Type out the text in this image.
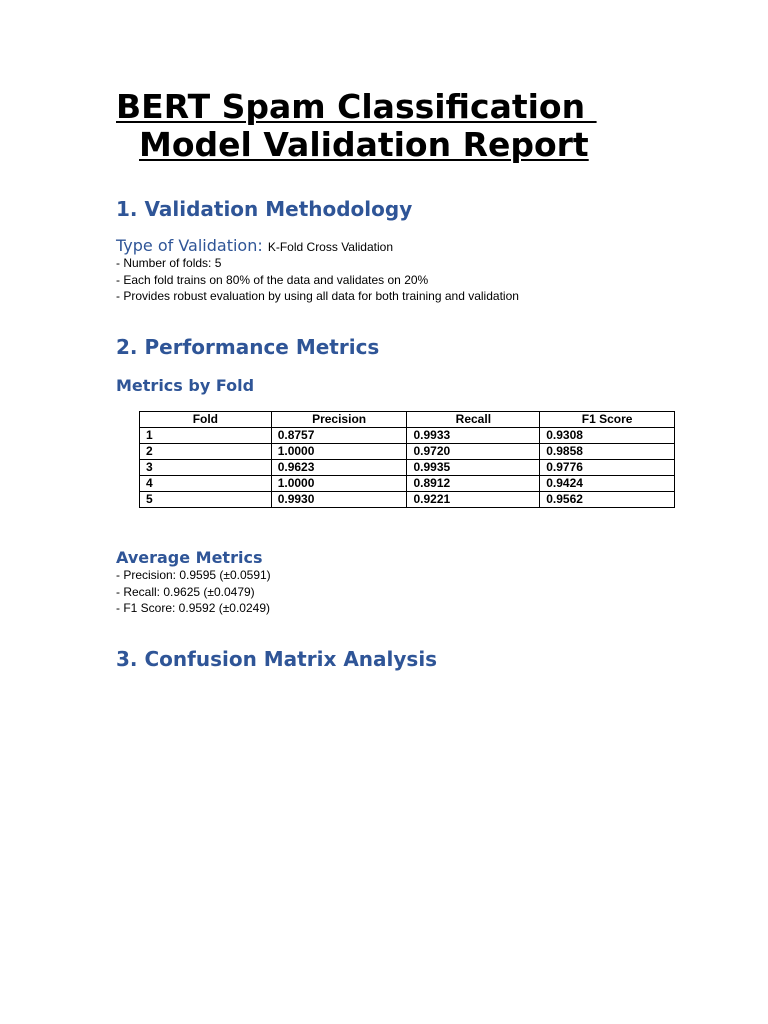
BERT Spam Classification

Model Validation Report

1. Validation Methodology
Type of Validation: K-Fold Cross Validation
- Number of folds: 5
- Each fold trains on 80% of the data and validates on 20%
- Provides robust evaluation by using all data for both training and validation
2. Performance Metrics
Metrics by Fold
Fold	Precision	Recall	F1 Score
1	0.8757	0.9933	0.9308
2	1.0000	0.9720	0.9858
3	0.9623	0.9935	0.9776
4	1.0000	0.8912	0.9424
5	0.9930	0.9221	0.9562
Average Metrics
- Precision: 0.9595 (±0.0591)
- Recall: 0.9625 (±0.0479)
- F1 Score: 0.9592 (±0.0249)
3. Confusion Matrix Analysis
